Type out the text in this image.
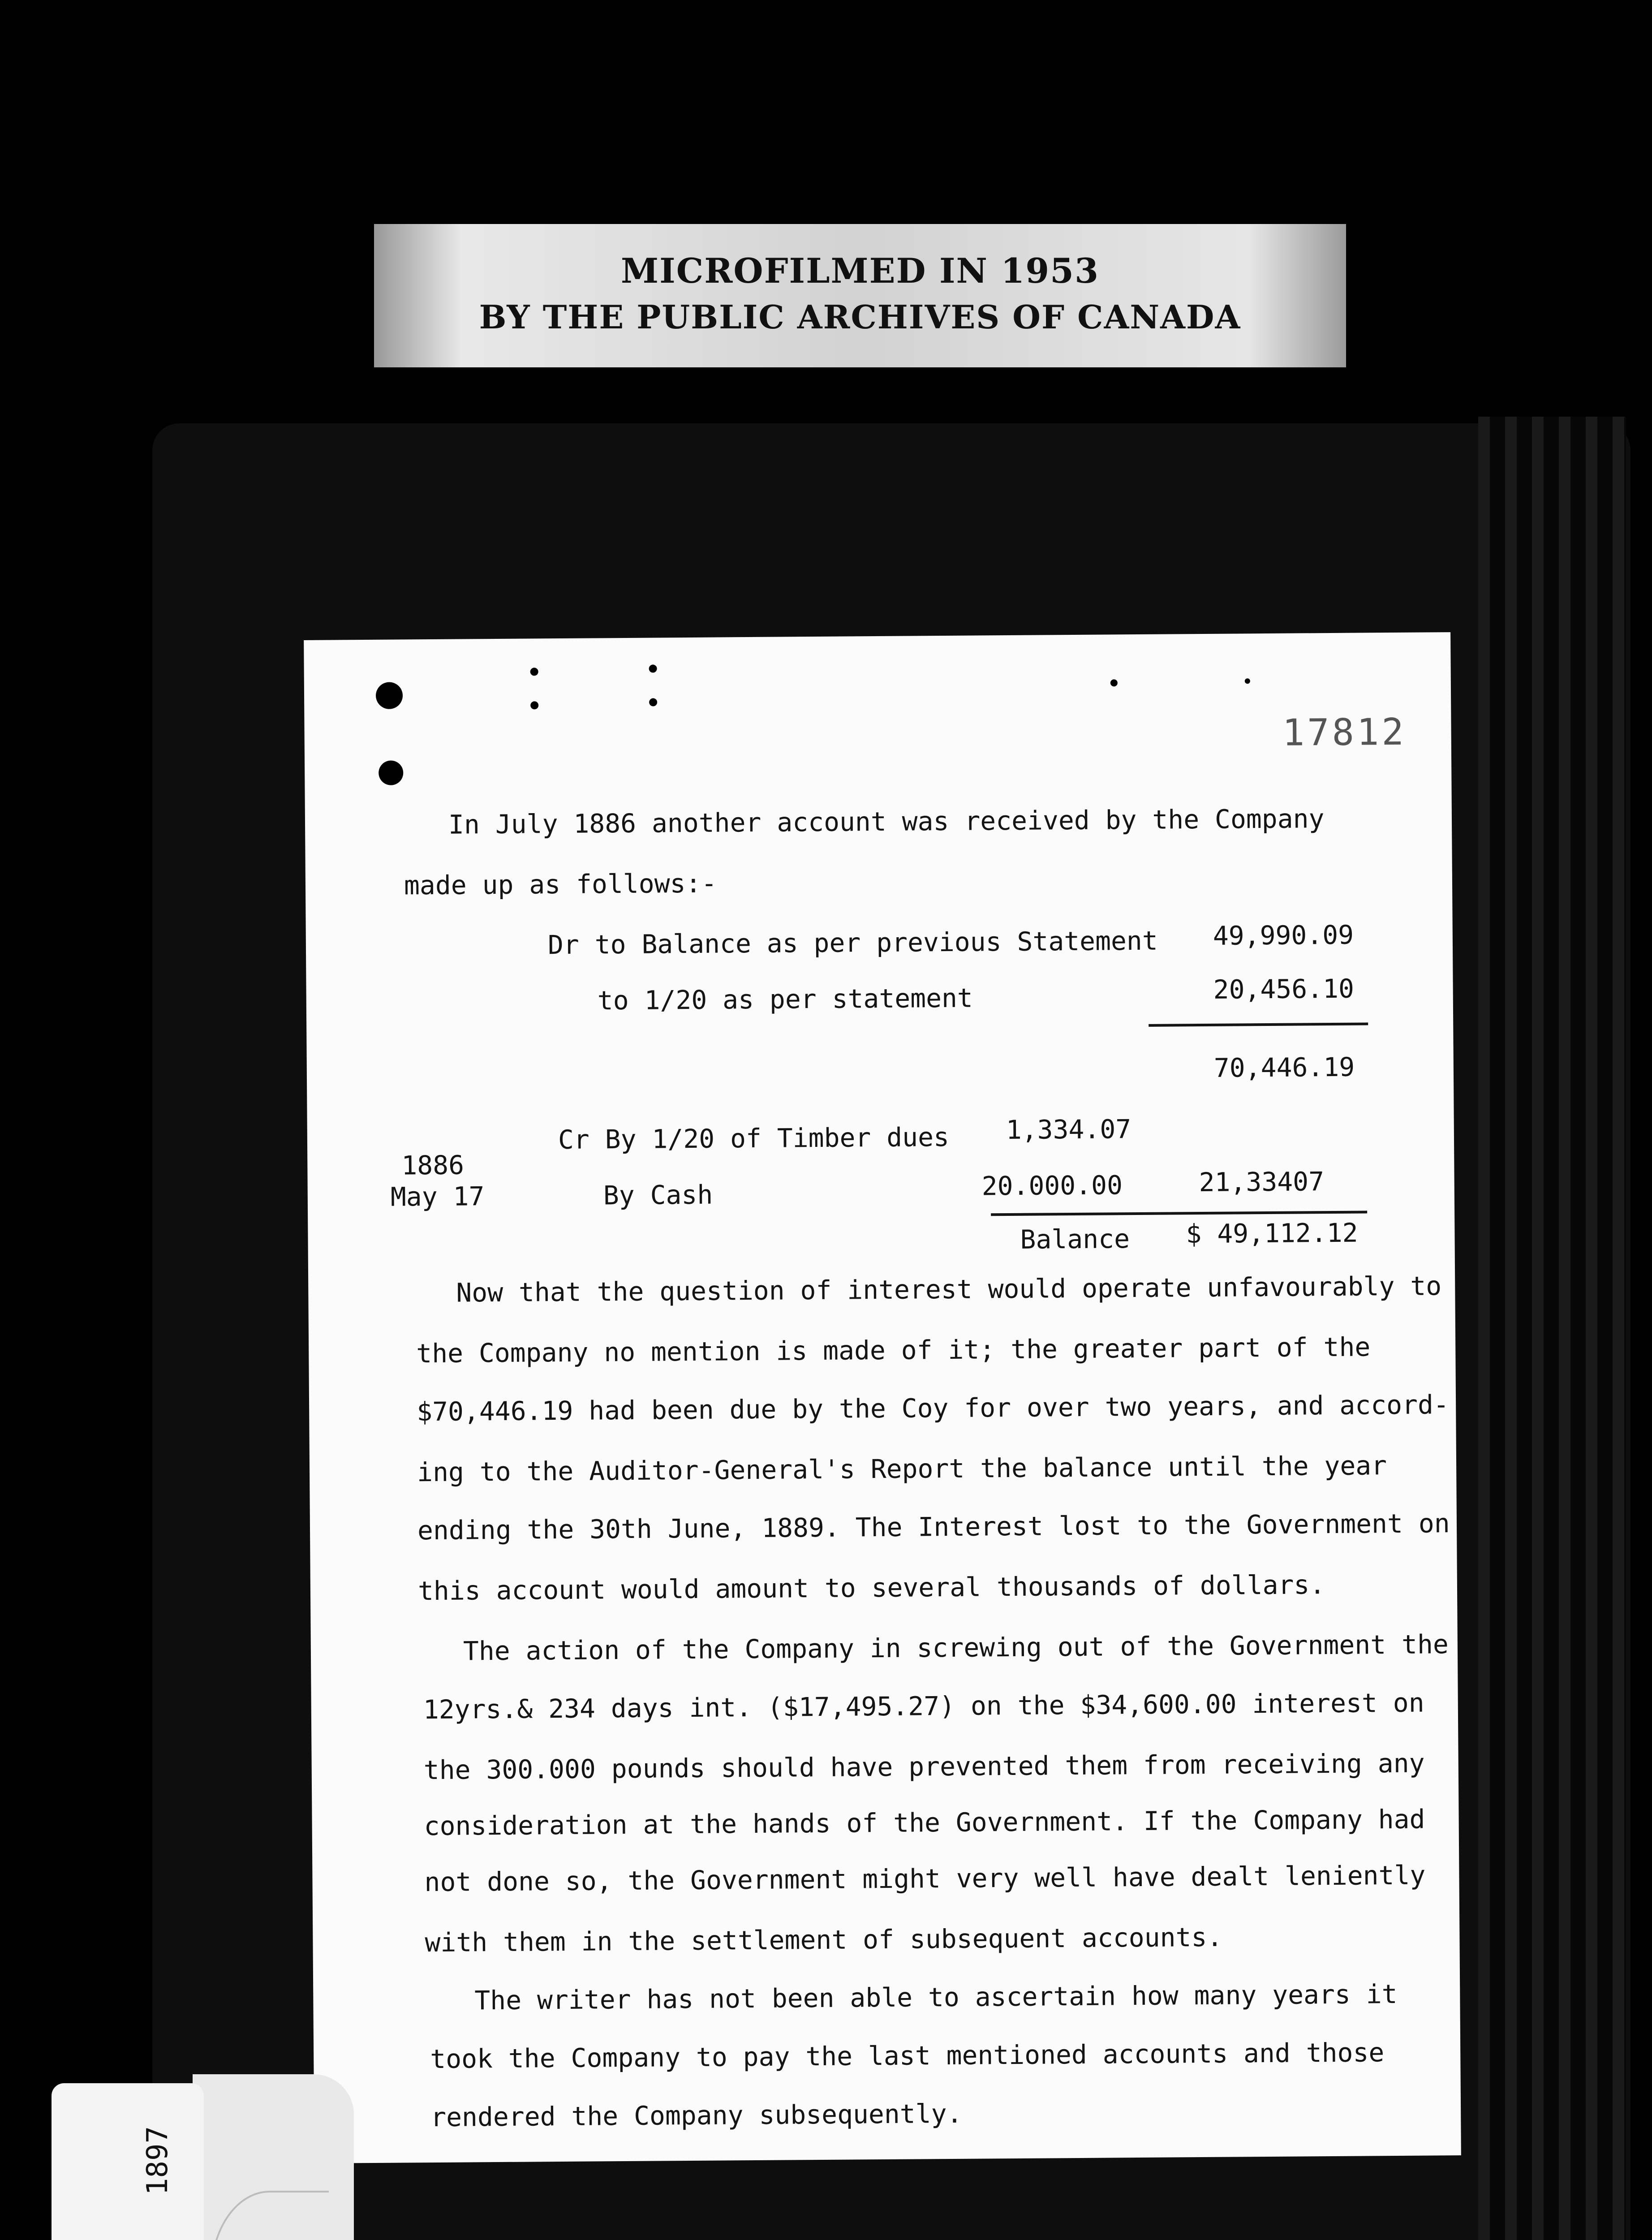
MICROFILMED IN 1953
BY THE PUBLIC ARCHIVES OF CANADA
17812
In July 1886 another account was received by the Company
made up as follows:-
Dr to Balance as per previous Statement 49,990.09
to 1/20 as per statement	20,456.10
70,446.19
Cr By 1/20 of Timber dues 1,334.07
1886
May 17	By Cash	20.000.00	21,33407
Balance $ 49,112.12
Now that the question of interest would operate unfavourably to
the Company no mention is made of it; the greater part of the
$70,446.19 had been due by the Coy for over two years, and accord-
ing to the Auditor-General's Report the balance until the year
ending the 30th June, 1889. The Interest lost to the Government on
this account would amount to several thousands of dollars.
The action of the Company in screwing out of the Government the
12yrs.& 234 days int. ($17,495.27) on the $34,600.00 interest on
the 300.000 pounds should have prevented them from receiving any
consideration at the hands of the Government. If the Company had
not done so, the Government might very well have dealt leniently
with them in the settlement of subsequent accounts.
The writer has not been able to ascertain how many years it
took the Company to pay the last mentioned accounts and those
rendered the Company subsequently.
1897
